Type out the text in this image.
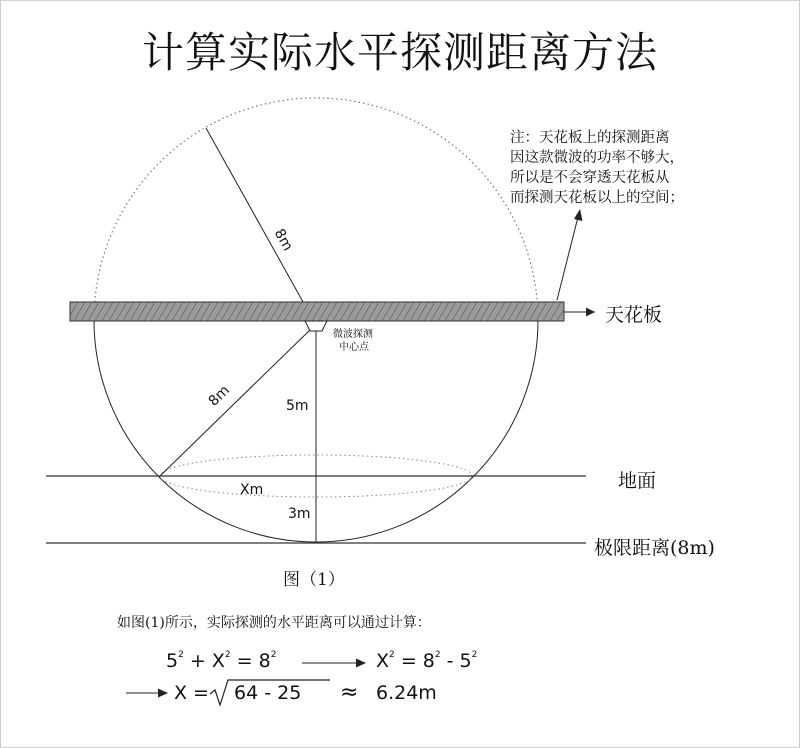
计算实际水平探测距离方法
注：天花板上的探测距离
因这款微波的功率不够大，
所以是不会穿透天花板从
而探测天花板以上的空间；
8m
8m
天花板
微波探测
中心点
5m
3m
Xm	地面
极限距离(8m)
图（1）
如图(1)所示，实际探测的水平距离可以通过计算：
$5^2 + X^2 = 8^2$	$X^2 = 8^2 - 5^2$
X = 64 - 25 ≈ 6.24m
